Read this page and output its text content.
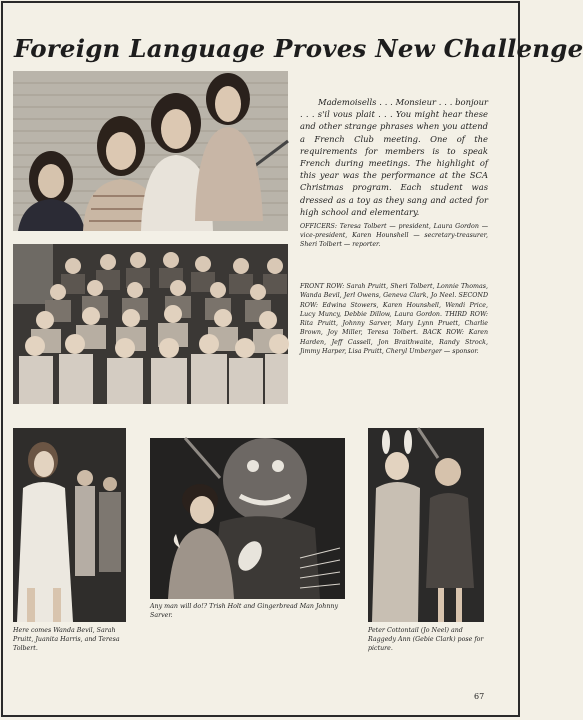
Foreign Language Proves New Challenge

Mademoisells . . . Monsieur . . . bonjour . . . s'il vous plait . . . You might hear these and other strange phrases when you attend a French Club meeting. One of the requirements for members is to speak French during meetings. The highlight of this year was the performance at the SCA Christmas program. Each student was dressed as a toy as they sang and acted for high school and elementary.

OFFICERS: Teresa Tolbert — president, Laura Gordon — vice-president, Karen Hounshell — secretary-treasurer, Sheri Tolbert — reporter.

FRONT ROW: Sarah Pruitt, Sheri Tolbert, Lonnie Thomas, Wanda Bevil, Jerl Owens, Geneva Clark, Jo Neel. SECOND ROW: Edwina Stowers, Karen Hounshell, Wendi Price, Lucy Muncy, Debbie Dillow, Laura Gordon. THIRD ROW: Rita Pruitt, Johnny Sarver, Mary Lynn Pruett, Charlie Brown, Joy Miller, Teresa Tolbert. BACK ROW: Karen Harden, Jeff Cassell, Jon Braithwaite, Randy Strock, Jimmy Harper, Lisa Pruitt, Cheryl Umberger — sponsor.

Here comes Wanda Bevil, Sarah Pruitt, Juanita Harris, and Teresa Tolbert.

Any man will do!? Trish Holt and Gingerbread Man Johnny Sarver.

Peter Cottontail (Jo Neel) and Raggedy Ann (Gebie Clark) pose for picture.

67
